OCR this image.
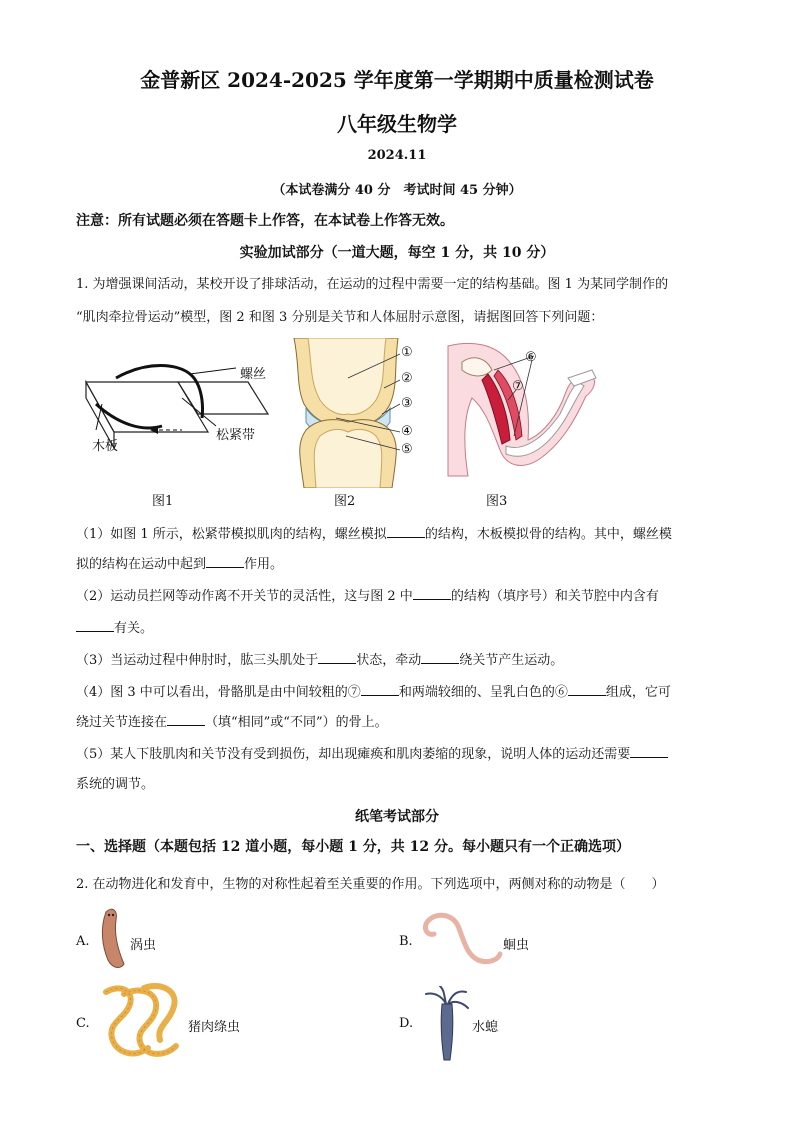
金普新区 2024-2025 学年度第一学期期中质量检测试卷
八年级生物学
2024.11
（本试卷满分 40 分　考试时间 45 分钟）
注意：所有试题必须在答题卡上作答，在本试卷上作答无效。
实验加试部分（一道大题，每空 1 分，共 10 分）
1. 为增强课间活动，某校开设了排球活动，在运动的过程中需要一定的结构基础。图 1 为某同学制作的
“肌肉牵拉骨运动”模型，图 2 和图 3 分别是关节和人体屈肘示意图，请据图回答下列问题：
螺丝
松紧带
木板
图1
①
②
③
④
⑤
图2
⑥
⑦
图3
（1）如图 1 所示，松紧带模拟肌肉的结构，螺丝模拟	的结构，木板模拟骨的结构。其中，螺丝模
拟的结构在运动中起到	作用。
（2）运动员拦网等动作离不开关节的灵活性，这与图 2 中	的结构（填序号）和关节腔中内含有
有关。
（3）当运动过程中伸肘时，肱三头肌处于	状态，牵动	绕关节产生运动。
（4）图 3 中可以看出，骨骼肌是由中间较粗的⑦	和两端较细的、呈乳白色的⑥	组成，它可
绕过关节连接在	（填“相同”或“不同”）的骨上。
（5）某人下肢肌肉和关节没有受到损伤，却出现瘫痪和肌肉萎缩的现象，说明人体的运动还需要
系统的调节。
纸笔考试部分
一、选择题（本题包括 12 道小题，每小题 1 分，共 12 分。每小题只有一个正确选项）
2. 在动物进化和发育中，生物的对称性起着至关重要的作用。下列选项中，两侧对称的动物是（　　）
A.	涡虫	B.	蛔虫
C.	猪肉绦虫	D.	水螅
